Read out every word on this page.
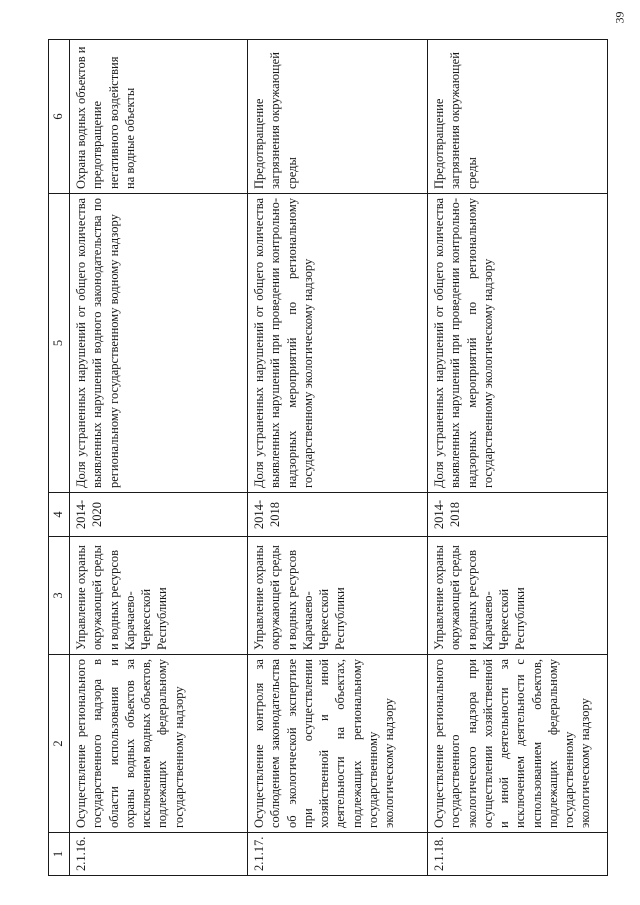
39
1	2	3	4	5	6
2.1.16.	Осуществление регионального государственного надзора в области использования и охраны водных объектов за исключением водных объектов, подлежащих федеральному государственному надзору	Управление охраны окружающей среды и водных ресурсов Карачаево-Черкесской Республики	2014-2020	Доля устраненных нарушений от общего количества выявленных нарушений водного законодательства по региональному государственному водному надзору	Охрана водных объектов и предотвращение негативного воздействия на водные объекты
2.1.17.	Осуществление контроля за соблюдением законодательства об экологической экспертизе при осуществлении хозяйственной и иной деятельности на объектах, подлежащих региональному государственному экологическому надзору	Управление охраны окружающей среды и водных ресурсов Карачаево-Черкесской Республики	2014-2018	Доля устраненных нарушений от общего количества выявленных нарушений при проведении контрольно-надзорных мероприятий по региональному государственному экологическому надзору	Предотвращение загрязнения окружающей среды
2.1.18.	Осуществление регионального государственного экологического надзора при осуществлении хозяйственной и иной деятельности за исключением деятельности с использованием объектов, подлежащих федеральному государственному экологическому надзору	Управление охраны окружающей среды и водных ресурсов Карачаево-Черкесской Республики	2014-2018	Доля устраненных нарушений от общего количества выявленных нарушений при проведении контрольно-надзорных мероприятий по региональному государственному экологическому надзору	Предотвращение загрязнения окружающей среды
